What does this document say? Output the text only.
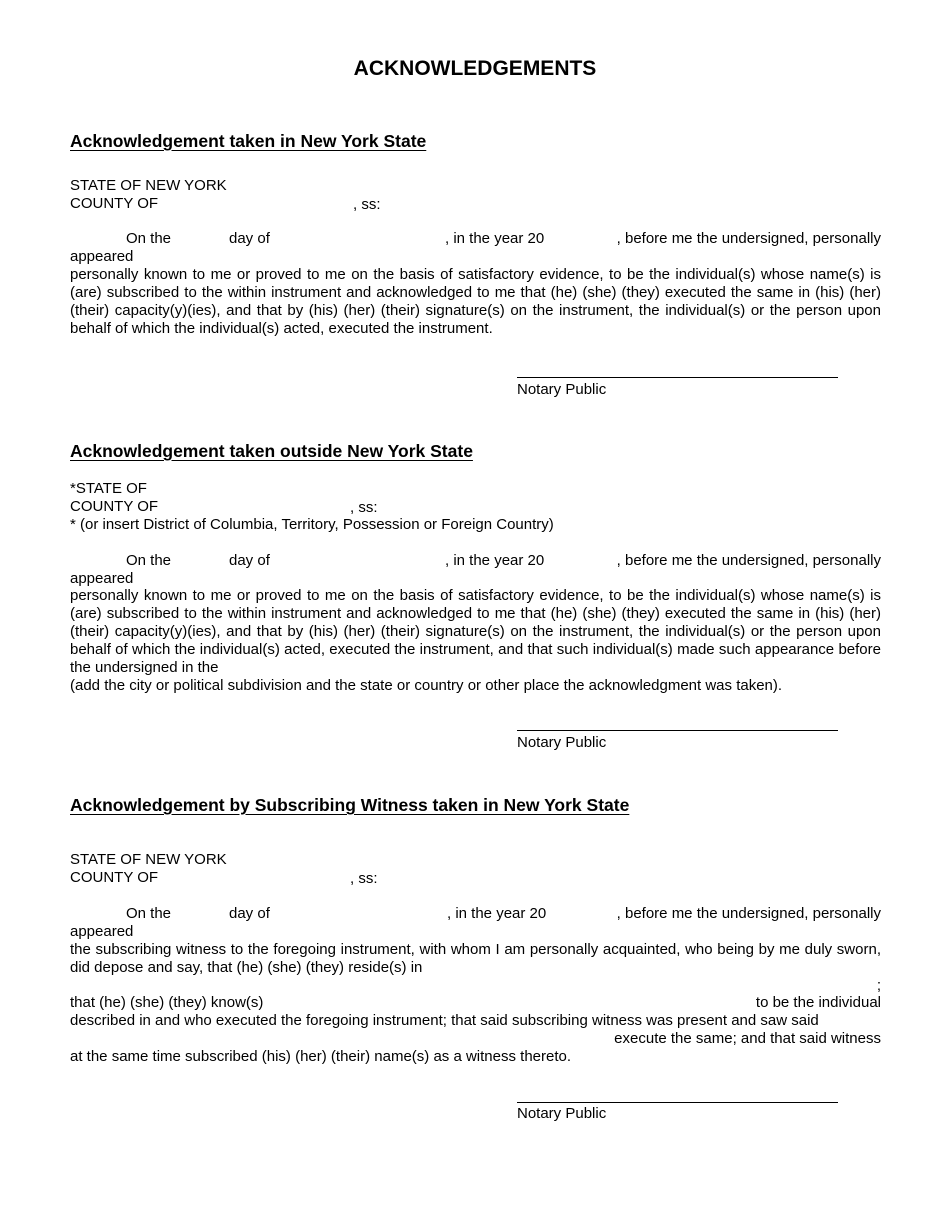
ACKNOWLEDGEMENTS
Acknowledgement taken in New York State
STATE OF NEW YORK
COUNTY OF	, ss:
On the	day of	, in the year 20	, before me the undersigned, personally
appeared
personally known to me or proved to me on the basis of satisfactory evidence, to be the individual(s) whose name(s) is (are) subscribed to the within instrument and acknowledged to me that (he) (she) (they) executed the same in (his) (her) (their) capacity(y)(ies), and that by (his) (her) (their) signature(s) on the instrument, the individual(s) or the person upon behalf of which the individual(s) acted, executed the instrument.
Notary Public
Acknowledgement taken outside New York State
*STATE OF
COUNTY OF	, ss:
* (or insert District of Columbia, Territory, Possession or Foreign Country)
On the	day of	, in the year 20	, before me the undersigned, personally
appeared
personally known to me or proved to me on the basis of satisfactory evidence, to be the individual(s) whose name(s) is (are) subscribed to the within instrument and acknowledged to me that (he) (she) (they) executed the same in (his) (her) (their) capacity(y)(ies), and that by (his) (her) (their) signature(s) on the instrument, the individual(s) or the person upon behalf of which the individual(s) acted, executed the instrument, and that such individual(s) made such appearance before the undersigned in the
(add the city or political subdivision and the state or country or other place the acknowledgment was taken).
Notary Public
Acknowledgement by Subscribing Witness taken in New York State
STATE OF NEW YORK
COUNTY OF	, ss:
On the	day of	, in the year 20	, before me the undersigned, personally
appeared
the subscribing witness to the foregoing instrument, with whom I am personally acquainted, who being by me duly sworn, did depose and say, that (he) (she) (they) reside(s) in
;
that (he) (she) (they) know(s)	to be the individual
described in and who executed the foregoing instrument; that said subscribing witness was present and saw said
execute the same; and that said witness
at the same time subscribed (his) (her) (their) name(s) as a witness thereto.
Notary Public
